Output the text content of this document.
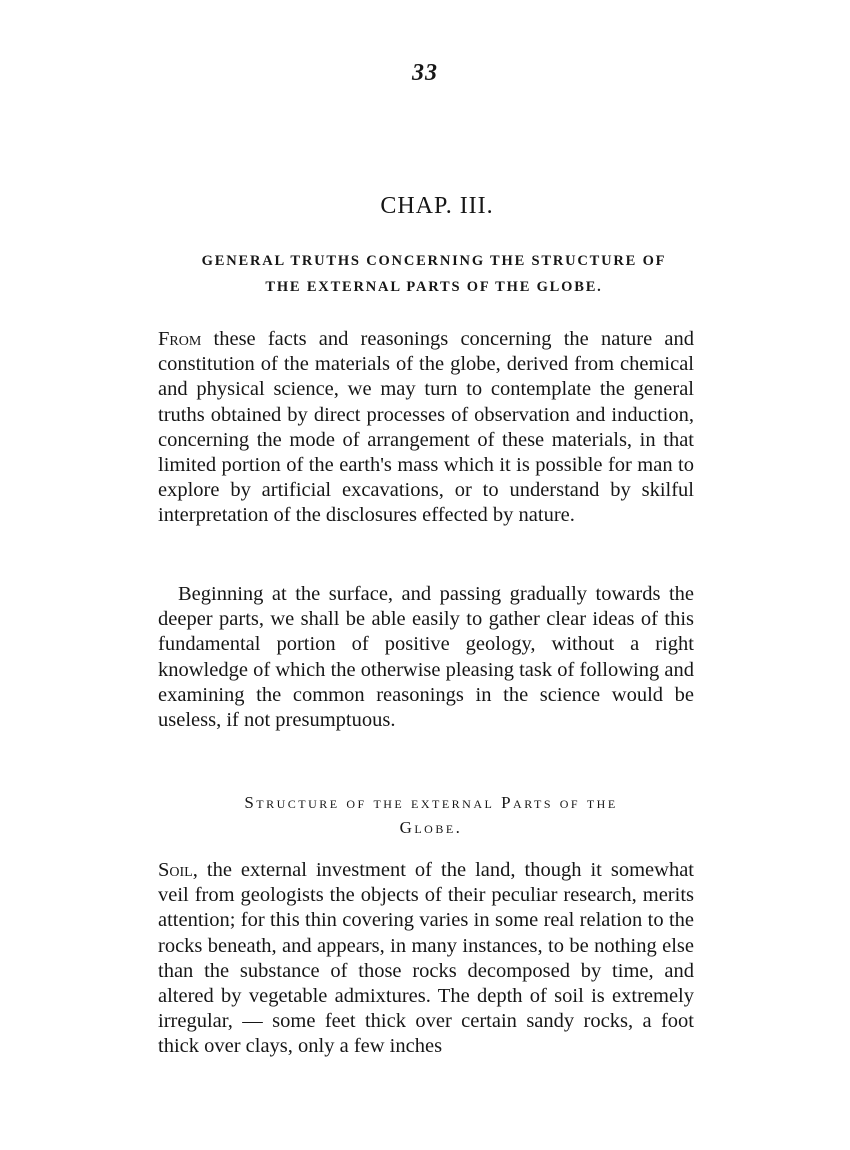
33
CHAP. III.
GENERAL TRUTHS CONCERNING THE STRUCTURE OF
THE EXTERNAL PARTS OF THE GLOBE.

From these facts and reasonings concerning the nature and constitution of the materials of the globe, derived from chemical and physical science, we may turn to contemplate the general truths obtained by direct processes of observation and induction, concerning the mode of arrangement of these materials, in that limited portion of the earth's mass which it is possible for man to explore by artificial excavations, or to understand by skilful interpretation of the disclosures effected by nature.

Beginning at the surface, and passing gradually towards the deeper parts, we shall be able easily to gather clear ideas of this fundamental portion of positive geology, without a right knowledge of which the otherwise pleasing task of following and examining the common reasonings in the science would be useless, if not presumptuous.

Structure of the external Parts of the
Globe.

Soil, the external investment of the land, though it somewhat veil from geologists the objects of their peculiar research, merits attention; for this thin covering varies in some real relation to the rocks beneath, and appears, in many instances, to be nothing else than the substance of those rocks decomposed by time, and altered by vegetable admixtures. The depth of soil is extremely irregular, — some feet thick over certain sandy rocks, a foot thick over clays, only a few inches
